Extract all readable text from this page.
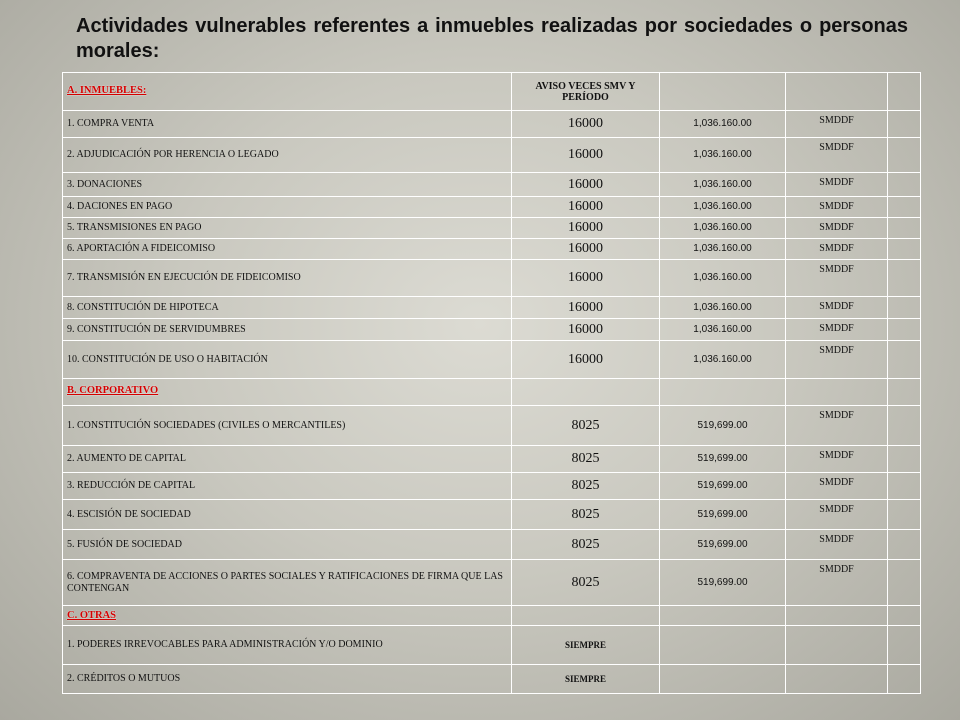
Actividades vulnerables referentes a inmuebles realizadas por sociedades o personas morales:
A. INMUEBLES:	AVISO VECES SMV Y PERÍODO			
1. COMPRA VENTA	16000	1,036.160.00	SMDDF	
2. ADJUDICACIÓN POR HERENCIA O LEGADO	16000	1,036.160.00	SMDDF	
3. DONACIONES	16000	1,036.160.00	SMDDF	
4. DACIONES EN PAGO	16000	1,036.160.00	SMDDF	
5. TRANSMISIONES EN PAGO	16000	1,036.160.00	SMDDF	
6. APORTACIÓN A FIDEICOMISO	16000	1,036.160.00	SMDDF	
7. TRANSMISIÓN EN EJECUCIÓN DE FIDEICOMISO	16000	1,036.160.00	SMDDF	
8. CONSTITUCIÓN DE HIPOTECA	16000	1,036.160.00	SMDDF	
9. CONSTITUCIÓN DE SERVIDUMBRES	16000	1,036.160.00	SMDDF	
10. CONSTITUCIÓN DE USO O HABITACIÓN	16000	1,036.160.00	SMDDF	
B. CORPORATIVO				
1. CONSTITUCIÓN SOCIEDADES (CIVILES O MERCANTILES)	8025	519,699.00	SMDDF	
2. AUMENTO DE CAPITAL	8025	519,699.00	SMDDF	
3. REDUCCIÓN DE CAPITAL	8025	519,699.00	SMDDF	
4. ESCISIÓN DE SOCIEDAD	8025	519,699.00	SMDDF	
5. FUSIÓN DE SOCIEDAD	8025	519,699.00	SMDDF	
6. COMPRAVENTA DE ACCIONES O PARTES SOCIALES Y RATIFICACIONES DE FIRMA QUE LAS CONTENGAN	8025	519,699.00	SMDDF	
C. OTRAS				
1. PODERES IRREVOCABLES PARA ADMINISTRACIÓN Y/O DOMINIO	SIEMPRE			
2. CRÉDITOS O MUTUOS	SIEMPRE			
